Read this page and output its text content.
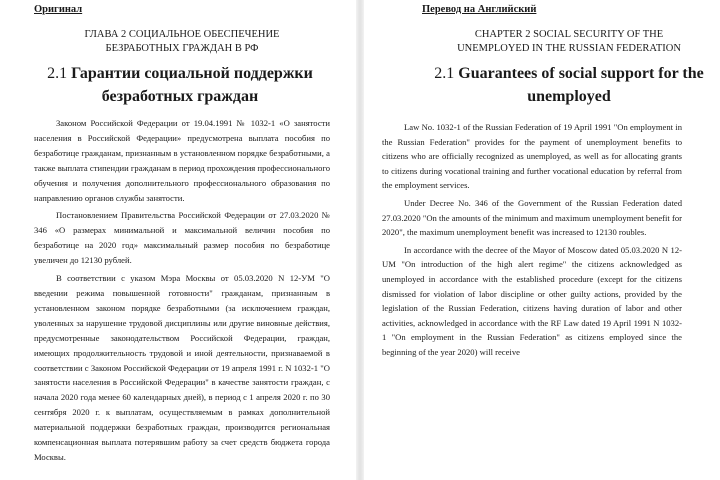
Оригинал
ГЛАВА 2 СОЦИАЛЬНОЕ ОБЕСПЕЧЕНИЕ
БЕЗРАБОТНЫХ ГРАЖДАН В РФ
2.1 Гарантии социальной поддержки безработных граждан

Законом Российской Федерации от 19.04.1991 № 1032-1 «О занятости населения в Российской Федерации» предусмотрена выплата пособия по безработице гражданам, признанным в установленном порядке безработными, а также выплата стипендии гражданам в период прохождения профессионального обучения и получения дополнительного профессионального образования по направлению органов службы занятости.

Постановлением Правительства Российской Федерации от 27.03.2020 № 346 «О размерах минимальной и максимальной величин пособия по безработице на 2020 год» максимальный размер пособия по безработице увеличен до 12130 рублей.

В соответствии с указом Мэра Москвы от 05.03.2020 N 12-УМ "О введении режима повышенной готовности" гражданам, признанным в установленном законом порядке безработными (за исключением граждан, уволенных за нарушение трудовой дисциплины или другие виновные действия, предусмотренные законодательством Российской Федерации, граждан, имеющих продолжительность трудовой и иной деятельности, признаваемой в соответствии с Законом Российской Федерации от 19 апреля 1991 г. N 1032-1 "О занятости населения в Российской Федерации" в качестве занятости граждан, с начала 2020 года менее 60 календарных дней), в период с 1 апреля 2020 г. по 30 сентября 2020 г. к выплатам, осуществляемым в рамках дополнительной материальной поддержки безработных граждан, производится региональная компенсационная выплата потерявшим работу за счет средств бюджета города Москвы.

Перевод на Английский
CHAPTER 2 SOCIAL SECURITY OF THE
UNEMPLOYED IN THE RUSSIAN FEDERATION
2.1 Guarantees of social support for the unemployed

Law No. 1032-1 of the Russian Federation of 19 April 1991 "On employment in the Russian Federation" provides for the payment of unemployment benefits to citizens who are officially recognized as unemployed, as well as for allocating grants to citizens during vocational training and further vocational education by referral from the employment services.

Under Decree No. 346 of the Government of the Russian Federation dated 27.03.2020 "On the amounts of the minimum and maximum unemployment benefit for 2020", the maximum unemployment benefit was increased to 12130 roubles.

In accordance with the decree of the Mayor of Moscow dated 05.03.2020 N 12-UM "On introduction of the high alert regime" the citizens acknowledged as unemployed in accordance with the established procedure (except for the citizens dismissed for violation of labor discipline or other guilty actions, provided by the legislation of the Russian Federation, citizens having duration of labor and other activities, acknowledged in accordance with the RF Law dated 19 April 1991 N 1032-1 "On employment in the Russian Federation" as citizens employed since the beginning of the year 2020) will receive
